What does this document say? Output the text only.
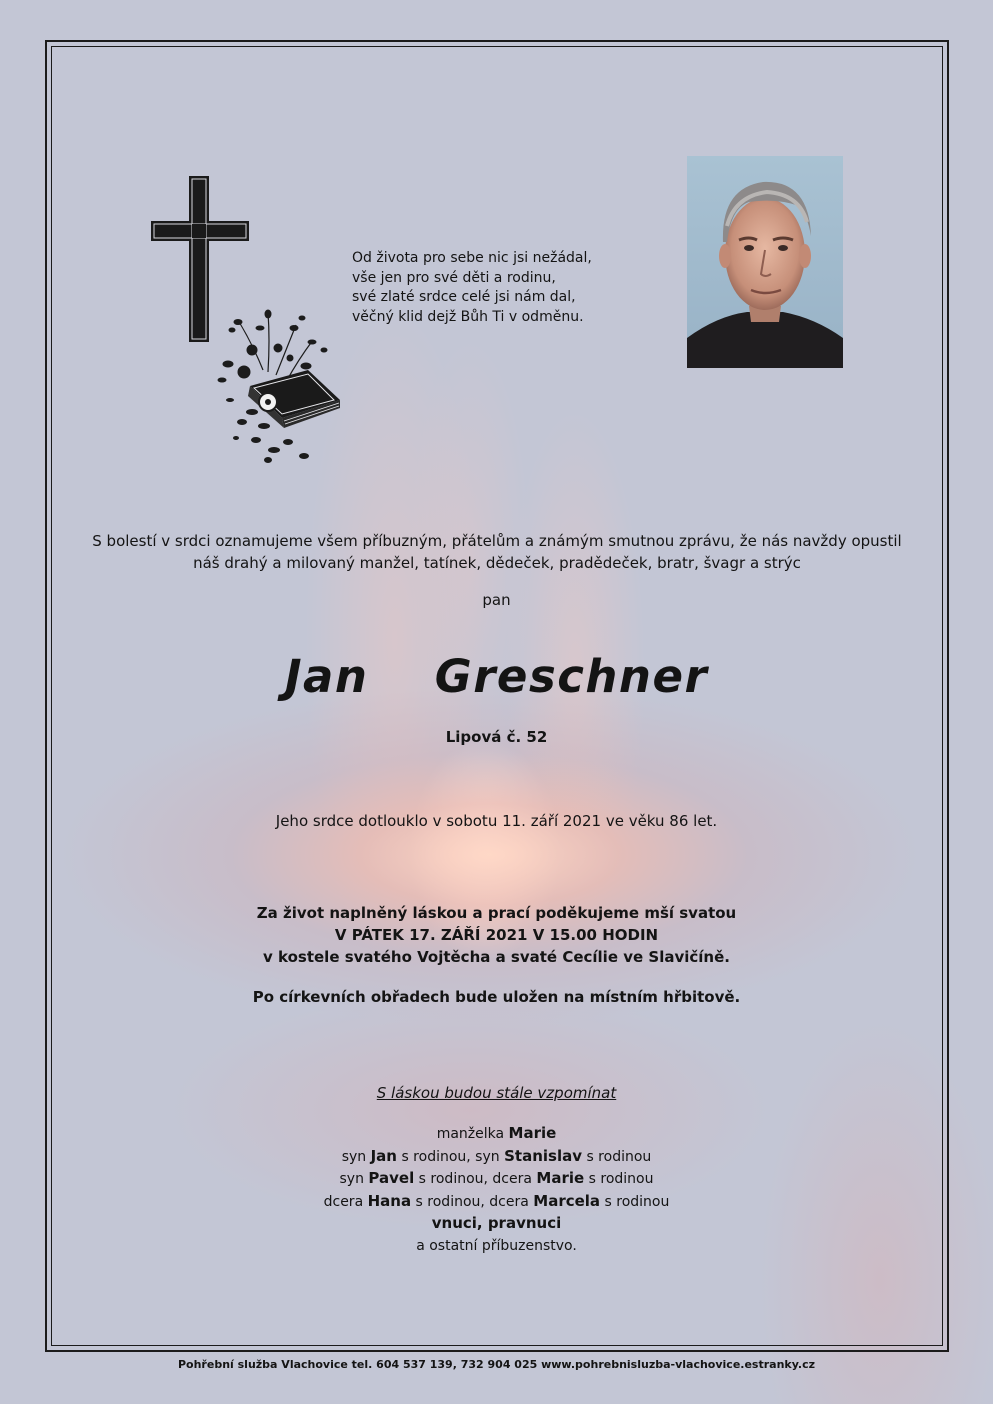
Od života pro sebe nic jsi nežádal,
vše jen pro své děti a rodinu,
své zlaté srdce celé jsi nám dal,
věčný klid dejž Bůh Ti v odměnu.
S bolestí v srdci oznamujeme všem příbuzným, přátelům a známým smutnou zprávu, že nás navždy opustil
náš drahý a milovaný manžel, tatínek, dědeček, pradědeček, bratr, švagr a strýc
pan
Jan  Greschner
Lipová č. 52
Jeho srdce dotlouklo v sobotu 11. září 2021 ve věku 86 let.
Za život naplněný láskou a prací poděkujeme mší svatou
V PÁTEK 17. ZÁŘÍ 2021 V 15.00 HODIN
v kostele svatého Vojtěcha a svaté Cecílie ve Slavičíně.
Po církevních obřadech bude uložen na místním hřbitově.
S láskou budou stále vzpomínat
manželka Marie
syn Jan s rodinou, syn Stanislav s rodinou
syn Pavel s rodinou, dcera Marie s rodinou
dcera Hana s rodinou, dcera Marcela s rodinou
vnuci, pravnuci
a ostatní příbuzenstvo.
Pohřební služba Vlachovice tel. 604 537 139, 732 904 025 www.pohrebnisluzba-vlachovice.estranky.cz
